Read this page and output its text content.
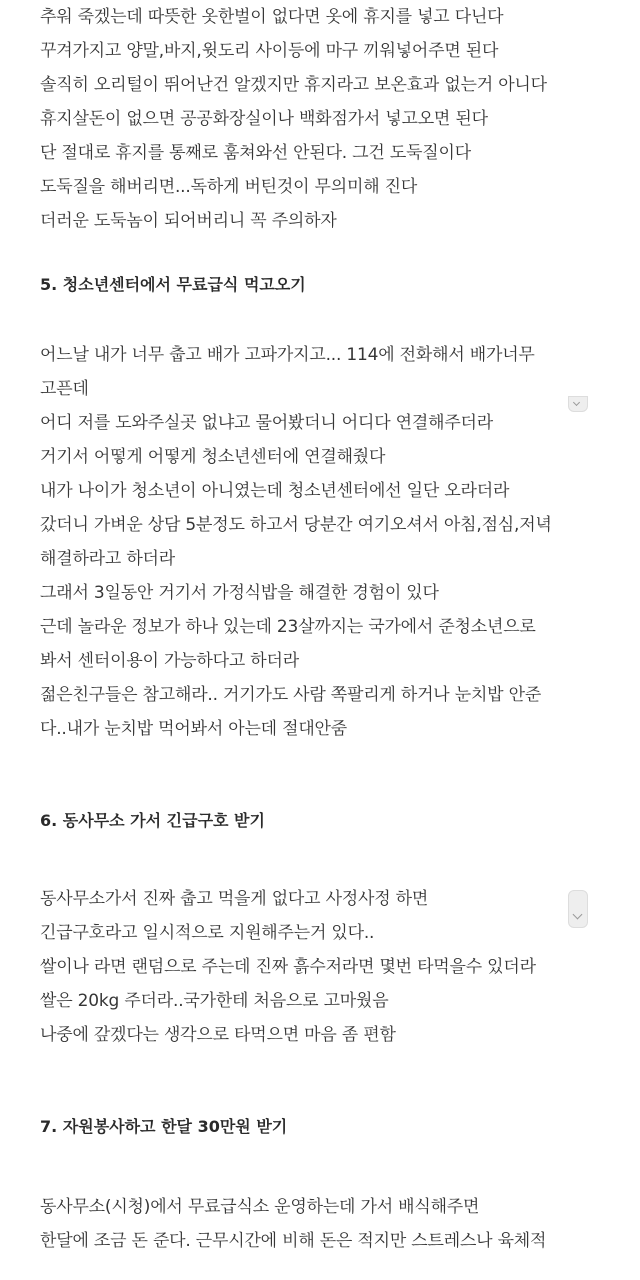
추워 죽겠는데 따뜻한 옷한벌이 없다면 옷에 휴지를 넣고 다닌다
꾸겨가지고 양말,바지,윗도리 사이등에 마구 끼워넣어주면 된다
솔직히 오리털이 뛰어난건 알겠지만 휴지라고 보온효과 없는거 아니다
휴지살돈이 없으면 공공화장실이나 백화점가서 넣고오면 된다
단 절대로 휴지를 통째로 훔쳐와선 안된다. 그건 도둑질이다
도둑질을 해버리면...독하게 버틴것이 무의미해 진다
더러운 도둑놈이 되어버리니 꼭 주의하자
5. 청소년센터에서 무료급식 먹고오기
어느날 내가 너무 춥고 배가 고파가지고... 114에 전화해서 배가너무
고픈데
어디 저를 도와주실곳 없냐고 물어봤더니 어디다 연결해주더라
거기서 어떻게 어떻게 청소년센터에 연결해줬다
내가 나이가 청소년이 아니였는데 청소년센터에선 일단 오라더라
갔더니 가벼운 상담 5분정도 하고서 당분간 여기오셔서 아침,점심,저녁
해결하라고 하더라
그래서 3일동안 거기서 가정식밥을 해결한 경험이 있다
근데 놀라운 정보가 하나 있는데 23살까지는 국가에서 준청소년으로
봐서 센터이용이 가능하다고 하더라
젊은친구들은 참고해라.. 거기가도 사람 쪽팔리게 하거나 눈치밥 안준
다..내가 눈치밥 먹어봐서 아는데 절대안줌
6. 동사무소 가서 긴급구호 받기
동사무소가서 진짜 춥고 먹을게 없다고 사정사정 하면
긴급구호라고 일시적으로 지원해주는거 있다..
쌀이나 라면 랜덤으로 주는데 진짜 흙수저라면 몇번 타먹을수 있더라
쌀은 20kg 주더라..국가한테 처음으로 고마웠음
나중에 갚겠다는 생각으로 타먹으면 마음 좀 편함
7. 자원봉사하고 한달 30만원 받기
동사무소(시청)에서 무료급식소 운영하는데 가서 배식해주면
한달에 조금 돈 준다. 근무시간에 비해 돈은 적지만 스트레스나 육체적
